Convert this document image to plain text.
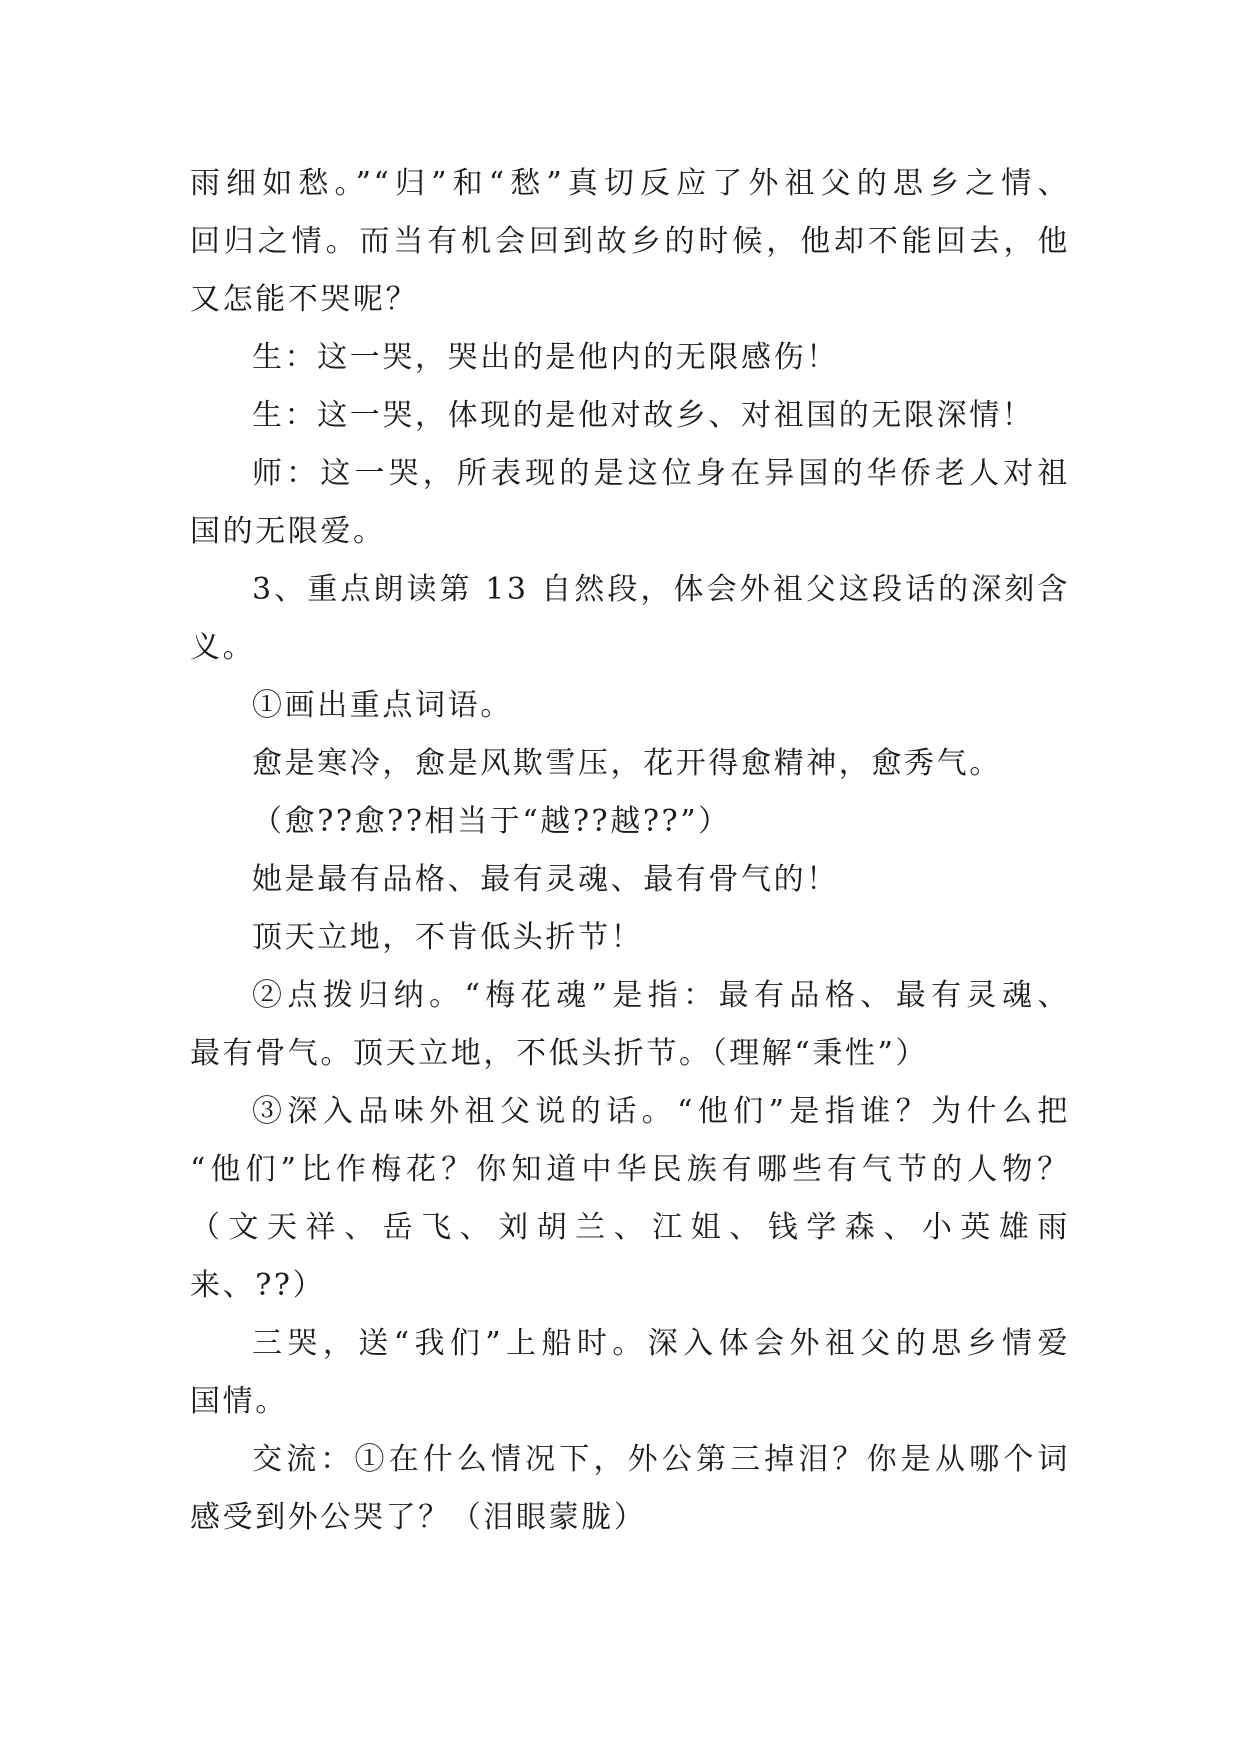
雨细如愁。”“归”和“愁”真切反应了外祖父的思乡之情、
回归之情。而当有机会回到故乡的时候，他却不能回去，他
又怎能不哭呢？
生：这一哭，哭出的是他内的无限感伤！
生：这一哭，体现的是他对故乡、对祖国的无限深情！
师：这一哭，所表现的是这位身在异国的华侨老人对祖
国的无限爱。
3、重点朗读第 13 自然段，体会外祖父这段话的深刻含
义。
①画出重点词语。
愈是寒冷，愈是风欺雪压，花开得愈精神，愈秀气。
（愈??愈??相当于“越??越??”）
她是最有品格、最有灵魂、最有骨气的！
顶天立地，不肯低头折节！
②点拨归纳。“梅花魂”是指：最有品格、最有灵魂、
最有骨气。顶天立地，不低头折节。（理解“秉性”）
③深入品味外祖父说的话。“他们”是指谁？为什么把
“他们”比作梅花？你知道中华民族有哪些有气节的人物？
（文天祥、岳飞、刘胡兰、江姐、钱学森、小英雄雨
来、??）
三哭，送“我们”上船时。深入体会外祖父的思乡情爱
国情。
交流：①在什么情况下，外公第三掉泪？你是从哪个词
感受到外公哭了？（泪眼蒙胧）
